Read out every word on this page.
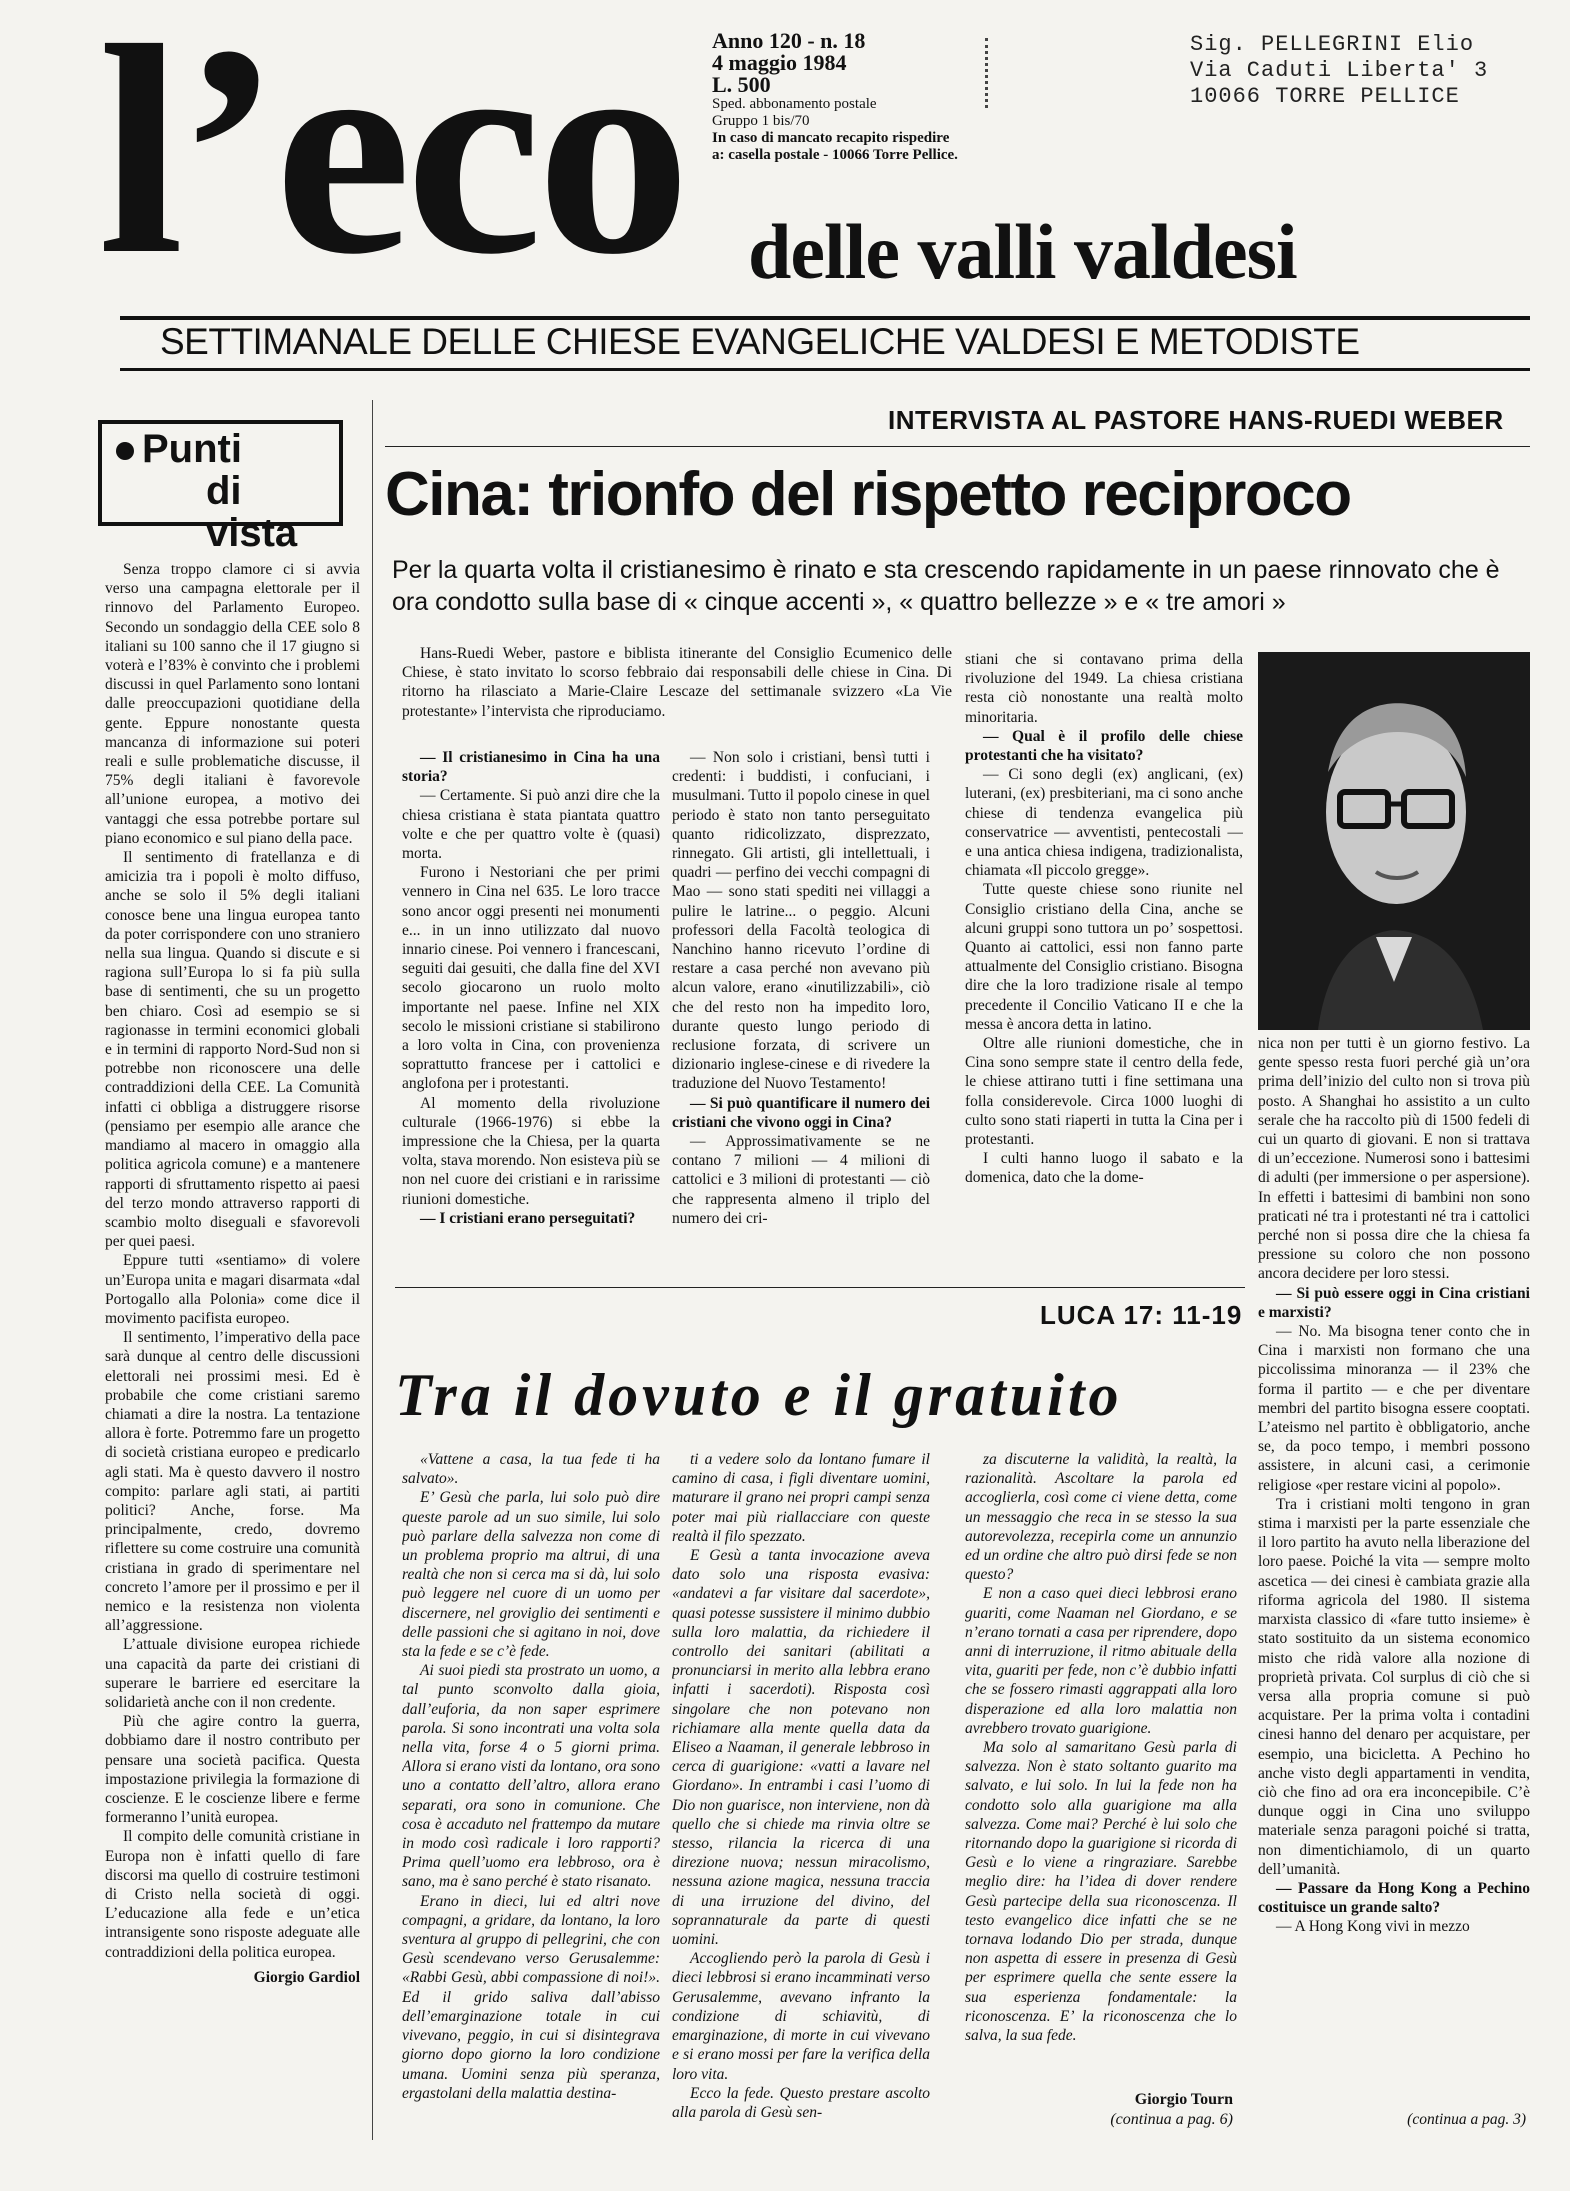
l’eco Anno 120 - n. 18
4 maggio 1984
L. 500
Sped. abbonamento postale
Gruppo 1 bis/70
In caso di mancato recapito rispedire
a: casella postale - 10066 Torre Pellice.
Sig. PELLEGRINI Elio
Via Caduti Liberta' 3
10066 TORRE PELLICE
delle valli valdesi
SETTIMANALE DELLE CHIESE EVANGELICHE VALDESI E METODISTE
Punti
di vista

Senza troppo clamore ci si avvia verso una campagna elettorale per il rinnovo del Parlamento Europeo. Secondo un sondaggio della CEE solo 8 italiani su 100 sanno che il 17 giugno si voterà e l’83% è convinto che i problemi discussi in quel Parlamento sono lontani dalle preoccupazioni quotidiane della gente. Eppure nonostante questa mancanza di informazione sui poteri reali e sulle problematiche discusse, il 75% degli italiani è favorevole all’unione europea, a motivo dei vantaggi che essa potrebbe portare sul piano economico e sul piano della pace.

Il sentimento di fratellanza e di amicizia tra i popoli è molto diffuso, anche se solo il 5% degli italiani conosce bene una lingua europea tanto da poter corrispondere con uno straniero nella sua lingua. Quando si discute e si ragiona sull’Europa lo si fa più sulla base di sentimenti, che su un progetto ben chiaro. Così ad esempio se si ragionasse in termini economici globali e in termini di rapporto Nord-Sud non si potrebbe non riconoscere una delle contraddizioni della CEE. La Comunità infatti ci obbliga a distruggere risorse (pensiamo per esempio alle arance che mandiamo al macero in omaggio alla politica agricola comune) e a mantenere rapporti di sfruttamento rispetto ai paesi del terzo mondo attraverso rapporti di scambio molto diseguali e sfavorevoli per quei paesi.

Eppure tutti «sentiamo» di volere un’Europa unita e magari disarmata «dal Portogallo alla Polonia» come dice il movimento pacifista europeo.

Il sentimento, l’imperativo della pace sarà dunque al centro delle discussioni elettorali nei prossimi mesi. Ed è probabile che come cristiani saremo chiamati a dire la nostra. La tentazione allora è forte. Potremmo fare un progetto di società cristiana europeo e predicarlo agli stati. Ma è questo davvero il nostro compito: parlare agli stati, ai partiti politici? Anche, forse. Ma principalmente, credo, dovremo riflettere su come costruire una comunità cristiana in grado di sperimentare nel concreto l’amore per il prossimo e per il nemico e la resistenza non violenta all’aggressione.

L’attuale divisione europea richiede una capacità da parte dei cristiani di superare le barriere ed esercitare la solidarietà anche con il non credente.

Più che agire contro la guerra, dobbiamo dare il nostro contributo per pensare una società pacifica. Questa impostazione privilegia la formazione di coscienze. E le coscienze libere e ferme formeranno l’unità europea.

Il compito delle comunità cristiane in Europa non è infatti quello di fare discorsi ma quello di costruire testimoni di Cristo nella società di oggi. L’educazione alla fede e un’etica intransigente sono risposte adeguate alle contraddizioni della politica europea.

Giorgio Gardiol
INTERVISTA AL PASTORE HANS-RUEDI WEBER
Cina: trionfo del rispetto reciproco
Per la quarta volta il cristianesimo è rinato e sta crescendo rapidamente in un paese rinnovato che è ora condotto sulla base di « cinque accenti », « quattro bellezze » e « tre amori »

Hans-Ruedi Weber, pastore e biblista itinerante del Consiglio Ecumenico delle Chiese, è stato invitato lo scorso febbraio dai responsabili delle chiese in Cina. Di ritorno ha rilasciato a Marie-Claire Lescaze del settimanale svizzero «La Vie protestante» l’intervista che riproduciamo.

— Il cristianesimo in Cina ha una storia?

— Certamente. Si può anzi dire che la chiesa cristiana è stata piantata quattro volte e che per quattro volte è (quasi) morta.

Furono i Nestoriani che per primi vennero in Cina nel 635. Le loro tracce sono ancor oggi presenti nei monumenti e... in un inno utilizzato dal nuovo innario cinese. Poi vennero i francescani, seguiti dai gesuiti, che dalla fine del XVI secolo giocarono un ruolo molto importante nel paese. Infine nel XIX secolo le missioni cristiane si stabilirono a loro volta in Cina, con provenienza soprattutto francese per i cattolici e anglofona per i protestanti.

Al momento della rivoluzione culturale (1966-1976) si ebbe la impressione che la Chiesa, per la quarta volta, stava morendo. Non esisteva più se non nel cuore dei cristiani e in rarissime riunioni domestiche.

— I cristiani erano perseguitati?

— Non solo i cristiani, bensì tutti i credenti: i buddisti, i confuciani, i musulmani. Tutto il popolo cinese in quel periodo è stato non tanto perseguitato quanto ridicolizzato, disprezzato, rinnegato. Gli artisti, gli intellettuali, i quadri — perfino dei vecchi compagni di Mao — sono stati spediti nei villaggi a pulire le latrine... o peggio. Alcuni professori della Facoltà teologica di Nanchino hanno ricevuto l’ordine di restare a casa perché non avevano più alcun valore, erano «inutilizzabili», ciò che del resto non ha impedito loro, durante questo lungo periodo di reclusione forzata, di scrivere un dizionario inglese-cinese e di rivedere la traduzione del Nuovo Testamento!

— Si può quantificare il numero dei cristiani che vivono oggi in Cina?

— Approssimativamente se ne contano 7 milioni — 4 milioni di cattolici e 3 milioni di protestanti — ciò che rappresenta almeno il triplo del numero dei cri-

stiani che si contavano prima della rivoluzione del 1949. La chiesa cristiana resta ciò nonostante una realtà molto minoritaria.

— Qual è il profilo delle chiese protestanti che ha visitato?

— Ci sono degli (ex) anglicani, (ex) luterani, (ex) presbiteriani, ma ci sono anche chiese di tendenza evangelica più conservatrice — avventisti, pentecostali — e una antica chiesa indigena, tradizionalista, chiamata «Il piccolo gregge».

Tutte queste chiese sono riunite nel Consiglio cristiano della Cina, anche se alcuni gruppi sono tuttora un po’ sospettosi. Quanto ai cattolici, essi non fanno parte attualmente del Consiglio cristiano. Bisogna dire che la loro tradizione risale al tempo precedente il Concilio Vaticano II e che la messa è ancora detta in latino.

Oltre alle riunioni domestiche, che in Cina sono sempre state il centro della fede, le chiese attirano tutti i fine settimana una folla considerevole. Circa 1000 luoghi di culto sono stati riaperti in tutta la Cina per i protestanti.

I culti hanno luogo il sabato e la domenica, dato che la dome-

nica non per tutti è un giorno festivo. La gente spesso resta fuori perché già un’ora prima dell’inizio del culto non si trova più posto. A Shanghai ho assistito a un culto serale che ha raccolto più di 1500 fedeli di cui un quarto di giovani. E non si trattava di un’eccezione. Numerosi sono i battesimi di adulti (per immersione o per aspersione). In effetti i battesimi di bambini non sono praticati né tra i protestanti né tra i cattolici perché non si possa dire che la chiesa fa pressione su coloro che non possono ancora decidere per loro stessi.

— Si può essere oggi in Cina cristiani e marxisti?

— No. Ma bisogna tener conto che in Cina i marxisti non formano che una piccolissima minoranza — il 23% che forma il partito — e che per diventare membri del partito bisogna essere cooptati. L’ateismo nel partito è obbligatorio, anche se, da poco tempo, i membri possono assistere, in alcuni casi, a cerimonie religiose «per restare vicini al popolo».

Tra i cristiani molti tengono in gran stima i marxisti per la parte essenziale che il loro partito ha avuto nella liberazione del loro paese. Poiché la vita — sempre molto ascetica — dei cinesi è cambiata grazie alla riforma agricola del 1980. Il sistema marxista classico di «fare tutto insieme» è stato sostituito da un sistema economico misto che ridà valore alla nozione di proprietà privata. Col surplus di ciò che si versa alla propria comune si può acquistare. Per la prima volta i contadini cinesi hanno del denaro per acquistare, per esempio, una bicicletta. A Pechino ho anche visto degli appartamenti in vendita, ciò che fino ad ora era inconcepibile. C’è dunque oggi in Cina uno sviluppo materiale senza paragoni poiché si tratta, non dimentichiamolo, di un quarto dell’umanità.

— Passare da Hong Kong a Pechino costituisce un grande salto?

— A Hong Kong vivi in mezzo

(continua a pag. 3)
LUCA 17: 11-19
Tra il dovuto e il gratuito

«Vattene a casa, la tua fede ti ha salvato».

E’ Gesù che parla, lui solo può dire queste parole ad un suo simile, lui solo può parlare della salvezza non come di un problema proprio ma altrui, di una realtà che non si cerca ma si dà, lui solo può leggere nel cuore di un uomo per discernere, nel groviglio dei sentimenti e delle passioni che si agitano in noi, dove sta la fede e se c’è fede.

Ai suoi piedi sta prostrato un uomo, a tal punto sconvolto dalla gioia, dall’euforia, da non saper esprimere parola. Si sono incontrati una volta sola nella vita, forse 4 o 5 giorni prima. Allora si erano visti da lontano, ora sono uno a contatto dell’altro, allora erano separati, ora sono in comunione. Che cosa è accaduto nel frattempo da mutare in modo così radicale i loro rapporti? Prima quell’uomo era lebbroso, ora è sano, ma è sano perché è stato risanato.

Erano in dieci, lui ed altri nove compagni, a gridare, da lontano, la loro sventura al gruppo di pellegrini, che con Gesù scendevano verso Gerusalemme: «Rabbi Gesù, abbi compassione di noi!». Ed il grido saliva dall’abisso dell’emarginazione totale in cui vivevano, peggio, in cui si disintegrava giorno dopo giorno la loro condizione umana. Uomini senza più speranza, ergastolani della malattia destina-

ti a vedere solo da lontano fumare il camino di casa, i figli diventare uomini, maturare il grano nei propri campi senza poter mai più riallacciare con queste realtà il filo spezzato.

E Gesù a tanta invocazione aveva dato solo una risposta evasiva: «andatevi a far visitare dal sacerdote», quasi potesse sussistere il minimo dubbio sulla loro malattia, da richiedere il controllo dei sanitari (abilitati a pronunciarsi in merito alla lebbra erano infatti i sacerdoti). Risposta così singolare che non potevano non richiamare alla mente quella data da Eliseo a Naaman, il generale lebbroso in cerca di guarigione: «vatti a lavare nel Giordano». In entrambi i casi l’uomo di Dio non guarisce, non interviene, non dà quello che si chiede ma rinvia oltre se stesso, rilancia la ricerca di una direzione nuova; nessun miracolismo, nessuna azione magica, nessuna traccia di una irruzione del divino, del soprannaturale da parte di questi uomini.

Accogliendo però la parola di Gesù i dieci lebbrosi si erano incamminati verso Gerusalemme, avevano infranto la condizione di schiavitù, di emarginazione, di morte in cui vivevano e si erano mossi per fare la verifica della loro vita.

Ecco la fede. Questo prestare ascolto alla parola di Gesù sen-

za discuterne la validità, la realtà, la razionalità. Ascoltare la parola ed accoglierla, così come ci viene detta, come un messaggio che reca in se stesso la sua autorevolezza, recepirla come un annunzio ed un ordine che altro può dirsi fede se non questo?

E non a caso quei dieci lebbrosi erano guariti, come Naaman nel Giordano, e se n’erano tornati a casa per riprendere, dopo anni di interruzione, il ritmo abituale della vita, guariti per fede, non c’è dubbio infatti che se fossero rimasti aggrappati alla loro disperazione ed alla loro malattia non avrebbero trovato guarigione.

Ma solo al samaritano Gesù parla di salvezza. Non è stato soltanto guarito ma salvato, e lui solo. In lui la fede non ha condotto solo alla guarigione ma alla salvezza. Come mai? Perché è lui solo che ritornando dopo la guarigione si ricorda di Gesù e lo viene a ringraziare. Sarebbe meglio dire: ha l’idea di dover rendere Gesù partecipe della sua riconoscenza. Il testo evangelico dice infatti che se ne tornava lodando Dio per strada, dunque non aspetta di essere in presenza di Gesù per esprimere quella che sente essere la sua esperienza fondamentale: la riconoscenza. E’ la riconoscenza che lo salva, la sua fede.

Giorgio Tourn
(continua a pag. 6)
